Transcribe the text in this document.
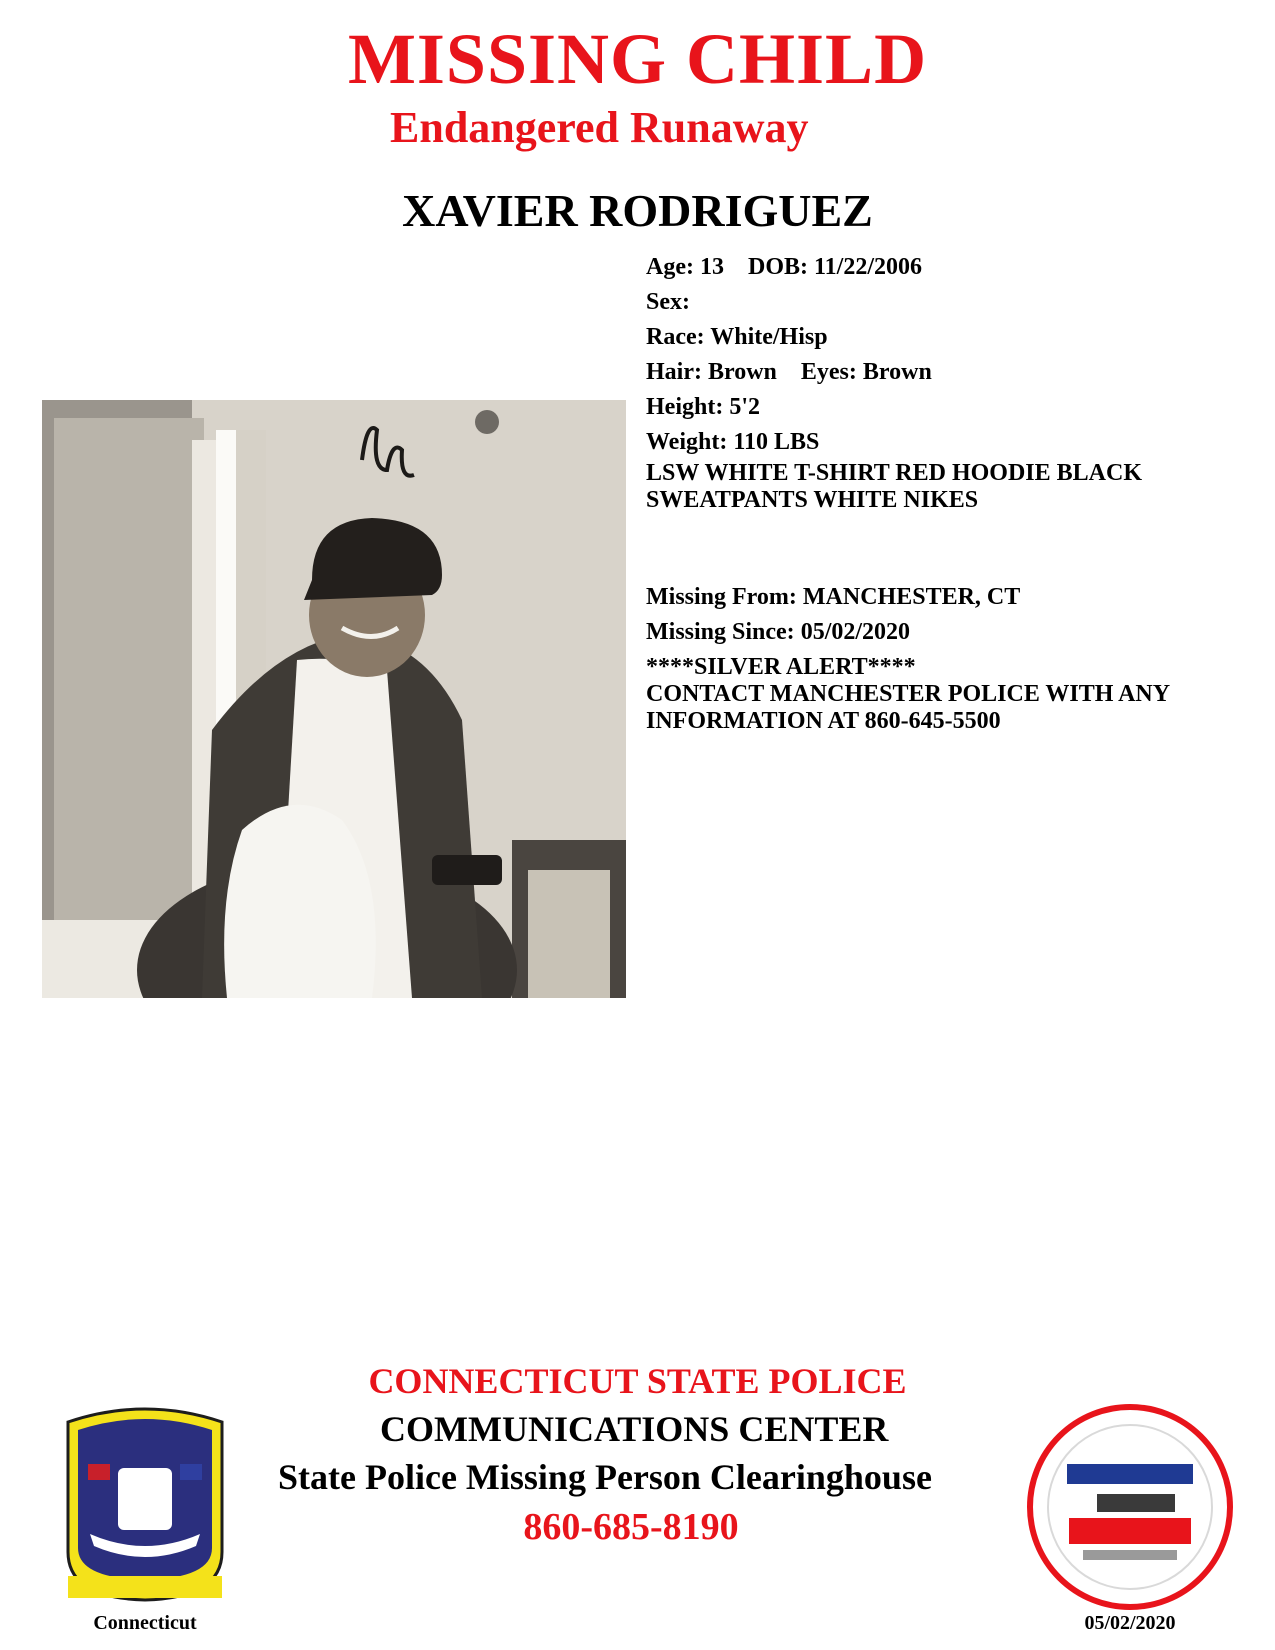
MISSING CHILD
Endangered Runaway
XAVIER RODRIGUEZ
Age: 13 DOB: 11/22/2006
Sex:
Race: White/Hisp
Hair: Brown Eyes: Brown
Height: 5'2
Weight: 110 LBS
LSW WHITE T-SHIRT RED HOODIE BLACK
SWEATPANTS WHITE NIKES
Missing From: MANCHESTER, CT
Missing Since: 05/02/2020
****SILVER ALERT****
CONTACT MANCHESTER POLICE WITH ANY
INFORMATION AT 860-645-5500
CONNECTICUT STATE POLICE
COMMUNICATIONS CENTER
State Police Missing Person Clearinghouse
860-685-8190
Connecticut	05/02/2020
